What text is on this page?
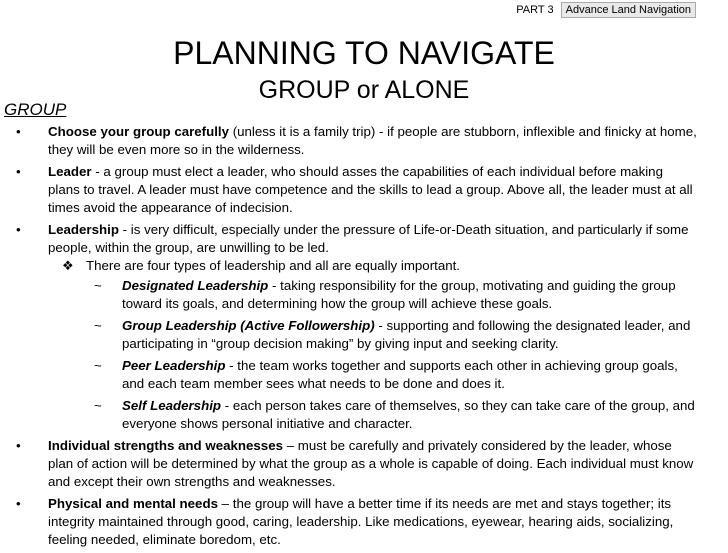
PART 3 Advance Land Navigation
PLANNING TO NAVIGATE
GROUP or ALONE
GROUP
• Choose your group carefully (unless it is a family trip) - if people are stubborn, inflexible and finicky at home, they will be even more so in the wilderness.
• Leader - a group must elect a leader, who should asses the capabilities of each individual before making plans to travel. A leader must have competence and the skills to lead a group. Above all, the leader must at all times avoid the appearance of indecision.
• Leadership - is very difficult, especially under the pressure of Life-or-Death situation, and particularly if some people, within the group, are unwilling to be led.
❖ There are four types of leadership and all are equally important.
~ Designated Leadership - taking responsibility for the group, motivating and guiding the group toward its goals, and determining how the group will achieve these goals.
~ Group Leadership (Active Followership) - supporting and following the designated leader, and participating in “group decision making” by giving input and seeking clarity.
~ Peer Leadership - the team works together and supports each other in achieving group goals, and each team member sees what needs to be done and does it.
~ Self Leadership - each person takes care of themselves, so they can take care of the group, and everyone shows personal initiative and character.
• Individual strengths and weaknesses – must be carefully and privately considered by the leader, whose plan of action will be determined by what the group as a whole is capable of doing. Each individual must know and except their own strengths and weaknesses.
• Physical and mental needs – the group will have a better time if its needs are met and stays together; its integrity maintained through good, caring, leadership. Like medications, eyewear, hearing aids, socializing, feeling needed, eliminate boredom, etc.
